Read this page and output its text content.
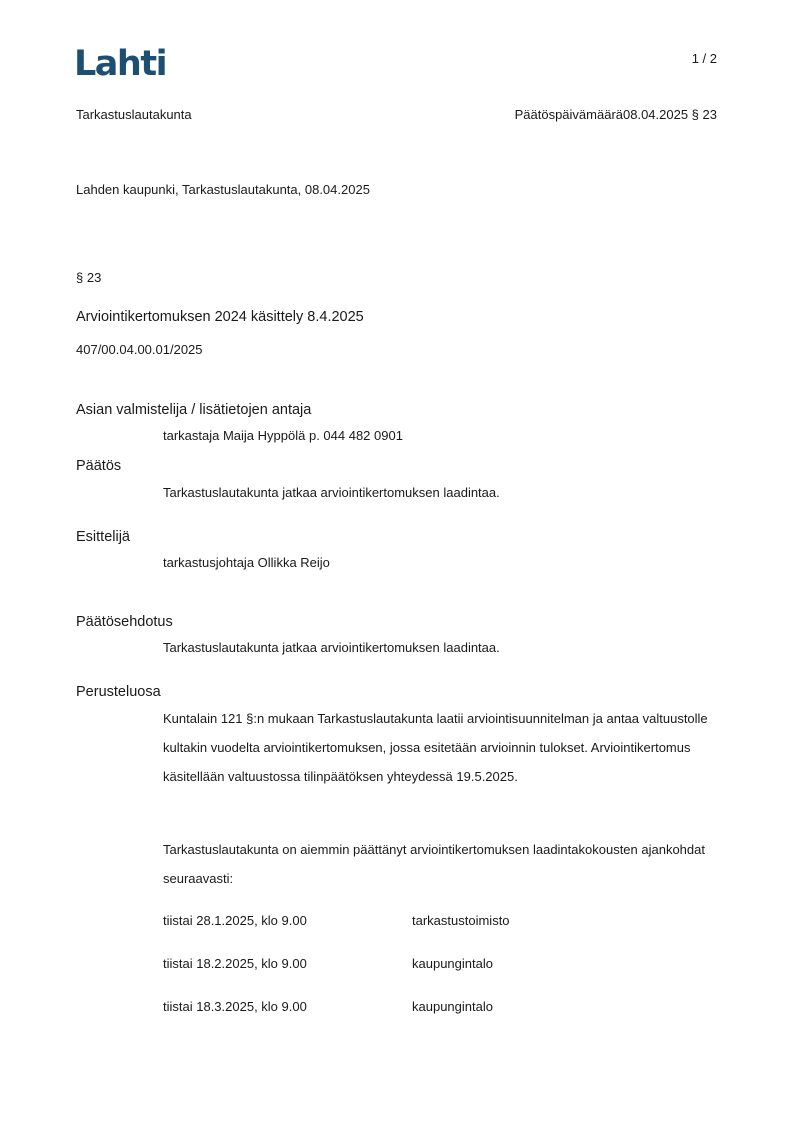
Lahti	1 / 2
Tarkastuslautakunta	Päätöspäivämäärä08.04.2025 § 23
Lahden kaupunki, Tarkastuslautakunta, 08.04.2025
§ 23
Arviointikertomuksen 2024 käsittely 8.4.2025
407/00.04.00.01/2025
Asian valmistelija / lisätietojen antaja
tarkastaja Maija Hyppölä p. 044 482 0901
Päätös
Tarkastuslautakunta jatkaa arviointikertomuksen laadintaa.
Esittelijä
tarkastusjohtaja Ollikka Reijo
Päätösehdotus
Tarkastuslautakunta jatkaa arviointikertomuksen laadintaa.
Perusteluosa
Kuntalain 121 §:n mukaan Tarkastuslautakunta laatii arviointisuunnitelman ja antaa valtuustolle kultakin vuodelta arviointikertomuksen, jossa esitetään arvioinnin tulokset. Arviointikertomus käsitellään valtuustossa tilinpäätöksen yhteydessä 19.5.2025.
Tarkastuslautakunta on aiemmin päättänyt arviointikertomuksen laadintakokousten ajankohdat seuraavasti:
tiistai 28.1.2025, klo 9.00	tarkastustoimisto
tiistai 18.2.2025, klo 9.00	kaupungintalo
tiistai 18.3.2025, klo 9.00	kaupungintalo
